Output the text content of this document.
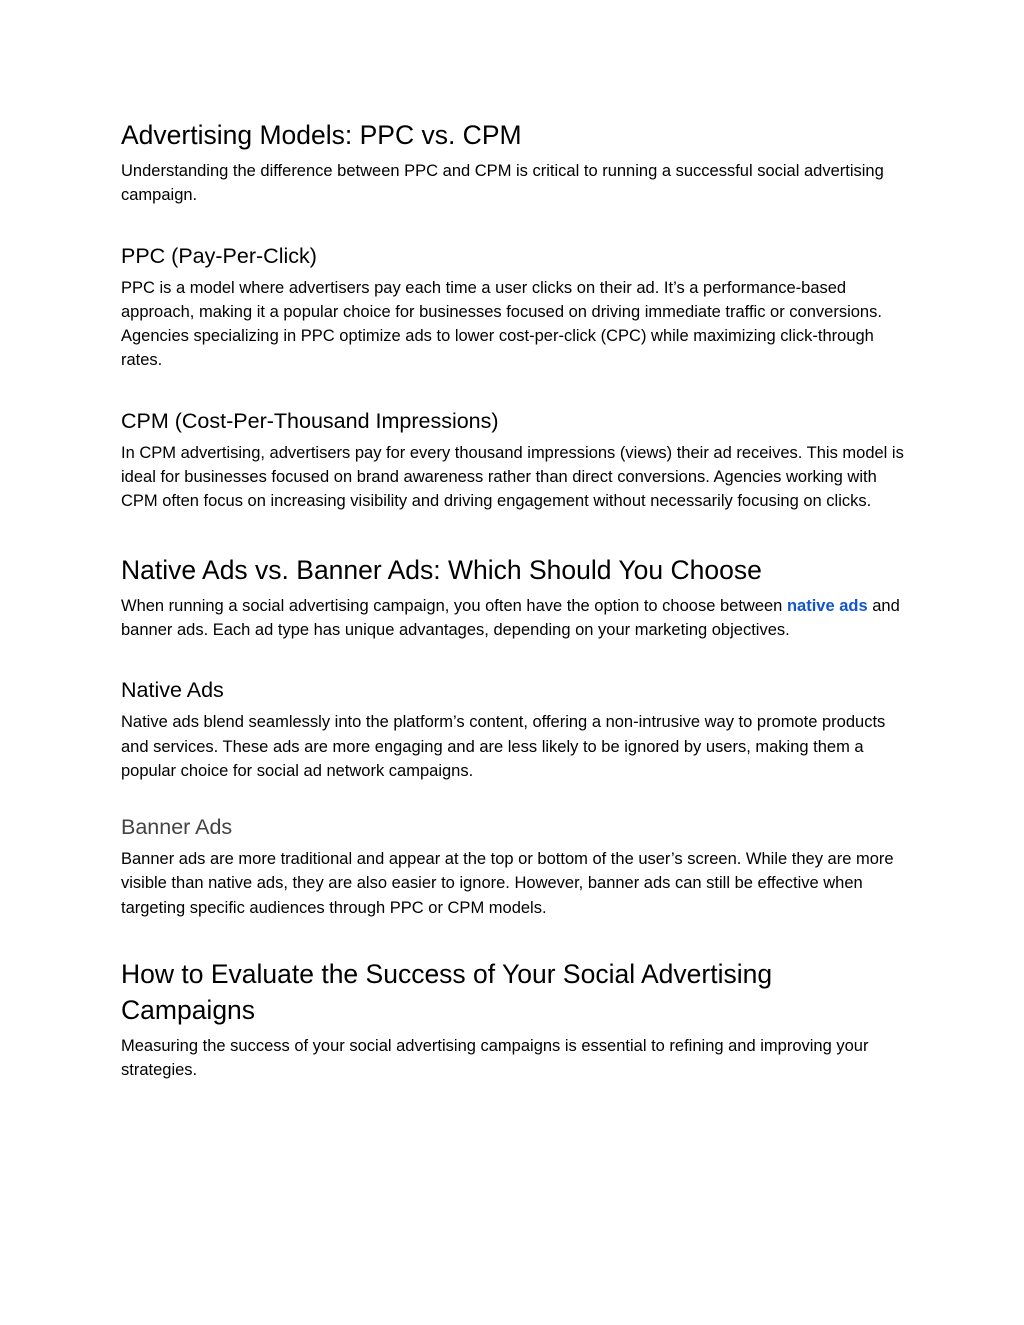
Advertising Models: PPC vs. CPM

Understanding the difference between PPC and CPM is critical to running a successful social advertising campaign.

PPC (Pay-Per-Click)

PPC is a model where advertisers pay each time a user clicks on their ad. It’s a performance-based approach, making it a popular choice for businesses focused on driving immediate traffic or conversions. Agencies specializing in PPC optimize ads to lower cost-per-click (CPC) while maximizing click-through rates.

CPM (Cost-Per-Thousand Impressions)

In CPM advertising, advertisers pay for every thousand impressions (views) their ad receives. This model is ideal for businesses focused on brand awareness rather than direct conversions. Agencies working with CPM often focus on increasing visibility and driving engagement without necessarily focusing on clicks.

Native Ads vs. Banner Ads: Which Should You Choose

When running a social advertising campaign, you often have the option to choose between native ads and banner ads. Each ad type has unique advantages, depending on your marketing objectives.

Native Ads

Native ads blend seamlessly into the platform’s content, offering a non-intrusive way to promote products and services. These ads are more engaging and are less likely to be ignored by users, making them a popular choice for social ad network campaigns.

Banner Ads

Banner ads are more traditional and appear at the top or bottom of the user’s screen. While they are more visible than native ads, they are also easier to ignore. However, banner ads can still be effective when targeting specific audiences through PPC or CPM models.

How to Evaluate the Success of Your Social Advertising Campaigns

Measuring the success of your social advertising campaigns is essential to refining and improving your strategies.
